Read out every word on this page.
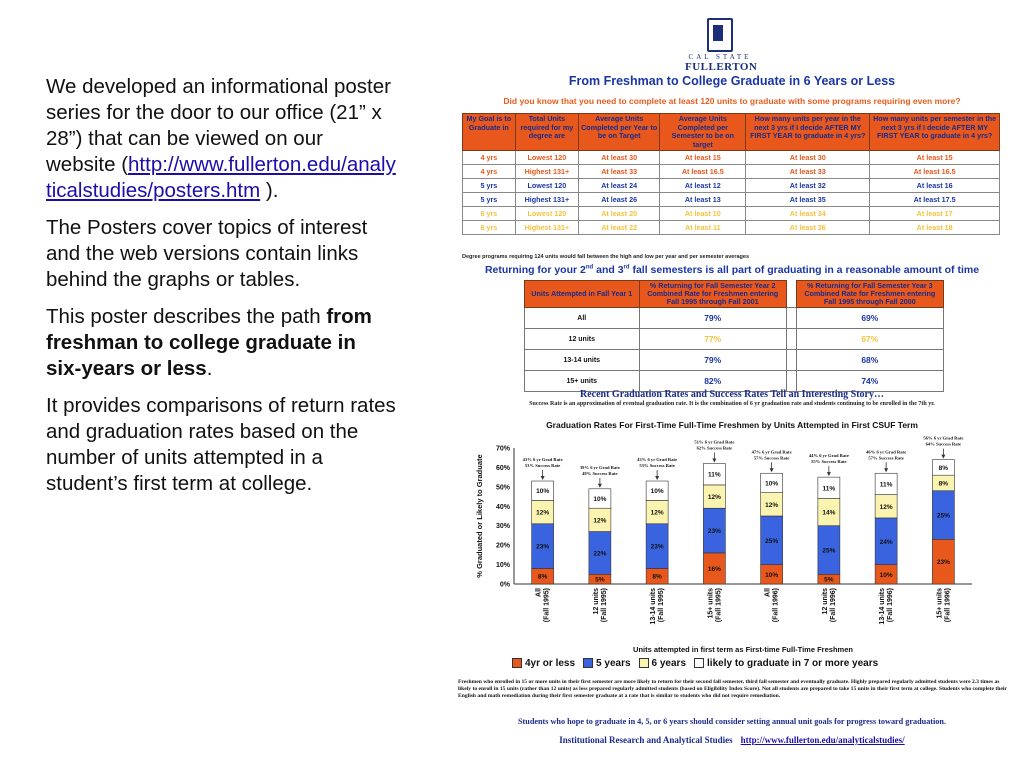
We developed an informational poster series for the door to our office (21” x 28”) that can be viewed on our website (http://www.fullerton.edu/analyticalstudies/posters.htm ).

The Posters cover topics of interest and the web versions contain links behind the graphs or tables.

This poster describes the path from freshman to college graduate in six-years or less.

It provides comparisons of return rates and graduation rates based on the number of units attempted in a student’s first term at college.

CAL STATE
FULLERTON
From Freshman to College Graduate in 6 Years or Less
Did you know that you need to complete at least 120 units to graduate with some programs requiring even more?
My Goal is to Graduate in	Total Units required for my degree are	Average Units Completed per Year to be on Target	Average Units Completed per Semester to be on target	How many units per year in the next 3 yrs if I decide AFTER MY FIRST YEAR to graduate in 4 yrs?	How many units per semester in the next 3 yrs if I decide AFTER MY FIRST YEAR to graduate in 4 yrs?
4 yrs	Lowest 120	At least 30	At least 15	At least 30	At least 15
4 yrs	Highest 131+	At least 33	At least 16.5	At least 33	At least 16.5
5 yrs	Lowest 120	At least 24	At least 12	At least 32	At least 16
5 yrs	Highest 131+	At least 26	At least 13	At least 35	At least 17.5
6 yrs	Lowest 120	At least 20	At least 10	At least 34	At least 17
6 yrs	Highest 131+	At least 22	At least 11	At least 36	At least 18
Degree programs requiring 124 units would fall between the high and low per year and per semester averages
Returning for your 2nd and 3rd fall semesters is all part of graduating in a reasonable amount of time
Units Attempted in Fall Year 1	% Returning for Fall Semester Year 2 Combined Rate for Freshmen entering Fall 1995 through Fall 2001		% Returning for Fall Semester Year 3 Combined Rate for Freshmen entering Fall 1995 through Fall 2000
All	79%		69%
12 units	77%		67%
13-14 units	79%		68%
15+ units	82%		74%
Recent Graduation Rates and Success Rates Tell an Interesting Story…
Success Rate is an approximation of eventual graduation rate. It is the combination of 6 yr graduation rate and students continuing to be enrolled in the 7th yr.
Graduation Rates For First-Time Full-Time Freshmen by Units Attempted in First CSUF Term
0%
10%
20%
30%
40%
50%
60%
70%
% Graduated or Likely to Graduate	8%
23%
12%
10%
43% 6 yr Grad Rate
53% Success Rate
All (Fall 1995)
5%
22%
12%
10%
39% 6 yr Grad Rate
49% Success Rate
12 units (Fall 1995)
8%
23%
12%
10%
43% 6 yr Grad Rate
53% Success Rate
13-14 units (Fall 1995)
16%
23%
12%
11%
51% 6 yr Grad Rate
62% Success Rate
15+ units (Fall 1995)
10%
25%
12%
10%
47% 6 yr Grad Rate
57% Success Rate
All (Fall 1996)
5%
25%
14%
11%
44% 6 yr Grad Rate
55% Success Rate
12 units (Fall 1996)
10%
24%
12%
11%
46% 6 yr Grad Rate
57% Success Rate
13-14 units (Fall 1996)
23%
25%
8%
8%
56% 6 yr Grad Rate
64% Success Rate
15+ units (Fall 1996)
Units attempted in first term as First-time Full-Time Freshmen
4yr or less	5 years	6 years	likely to graduate in 7 or more years
Freshmen who enrolled in 15 or more units in their first semester are more likely to return for their second fall semester, third fall semester and eventually graduate. Highly prepared regularly admitted students were 2.3 times as likely to enroll in 15 units (rather than 12 units) as less prepared regularly admitted students (based on Eligibility Index Score). Not all students are prepared to take 15 units in their first term at college. Students who complete their English and math remediation during their first semester graduate at a rate that is similar to students who did not require remediation.
Students who hope to graduate in 4, 5, or 6 years should consider setting annual unit goals for progress toward graduation.
Institutional Research and Analytical Studies http://www.fullerton.edu/analyticalstudies/
